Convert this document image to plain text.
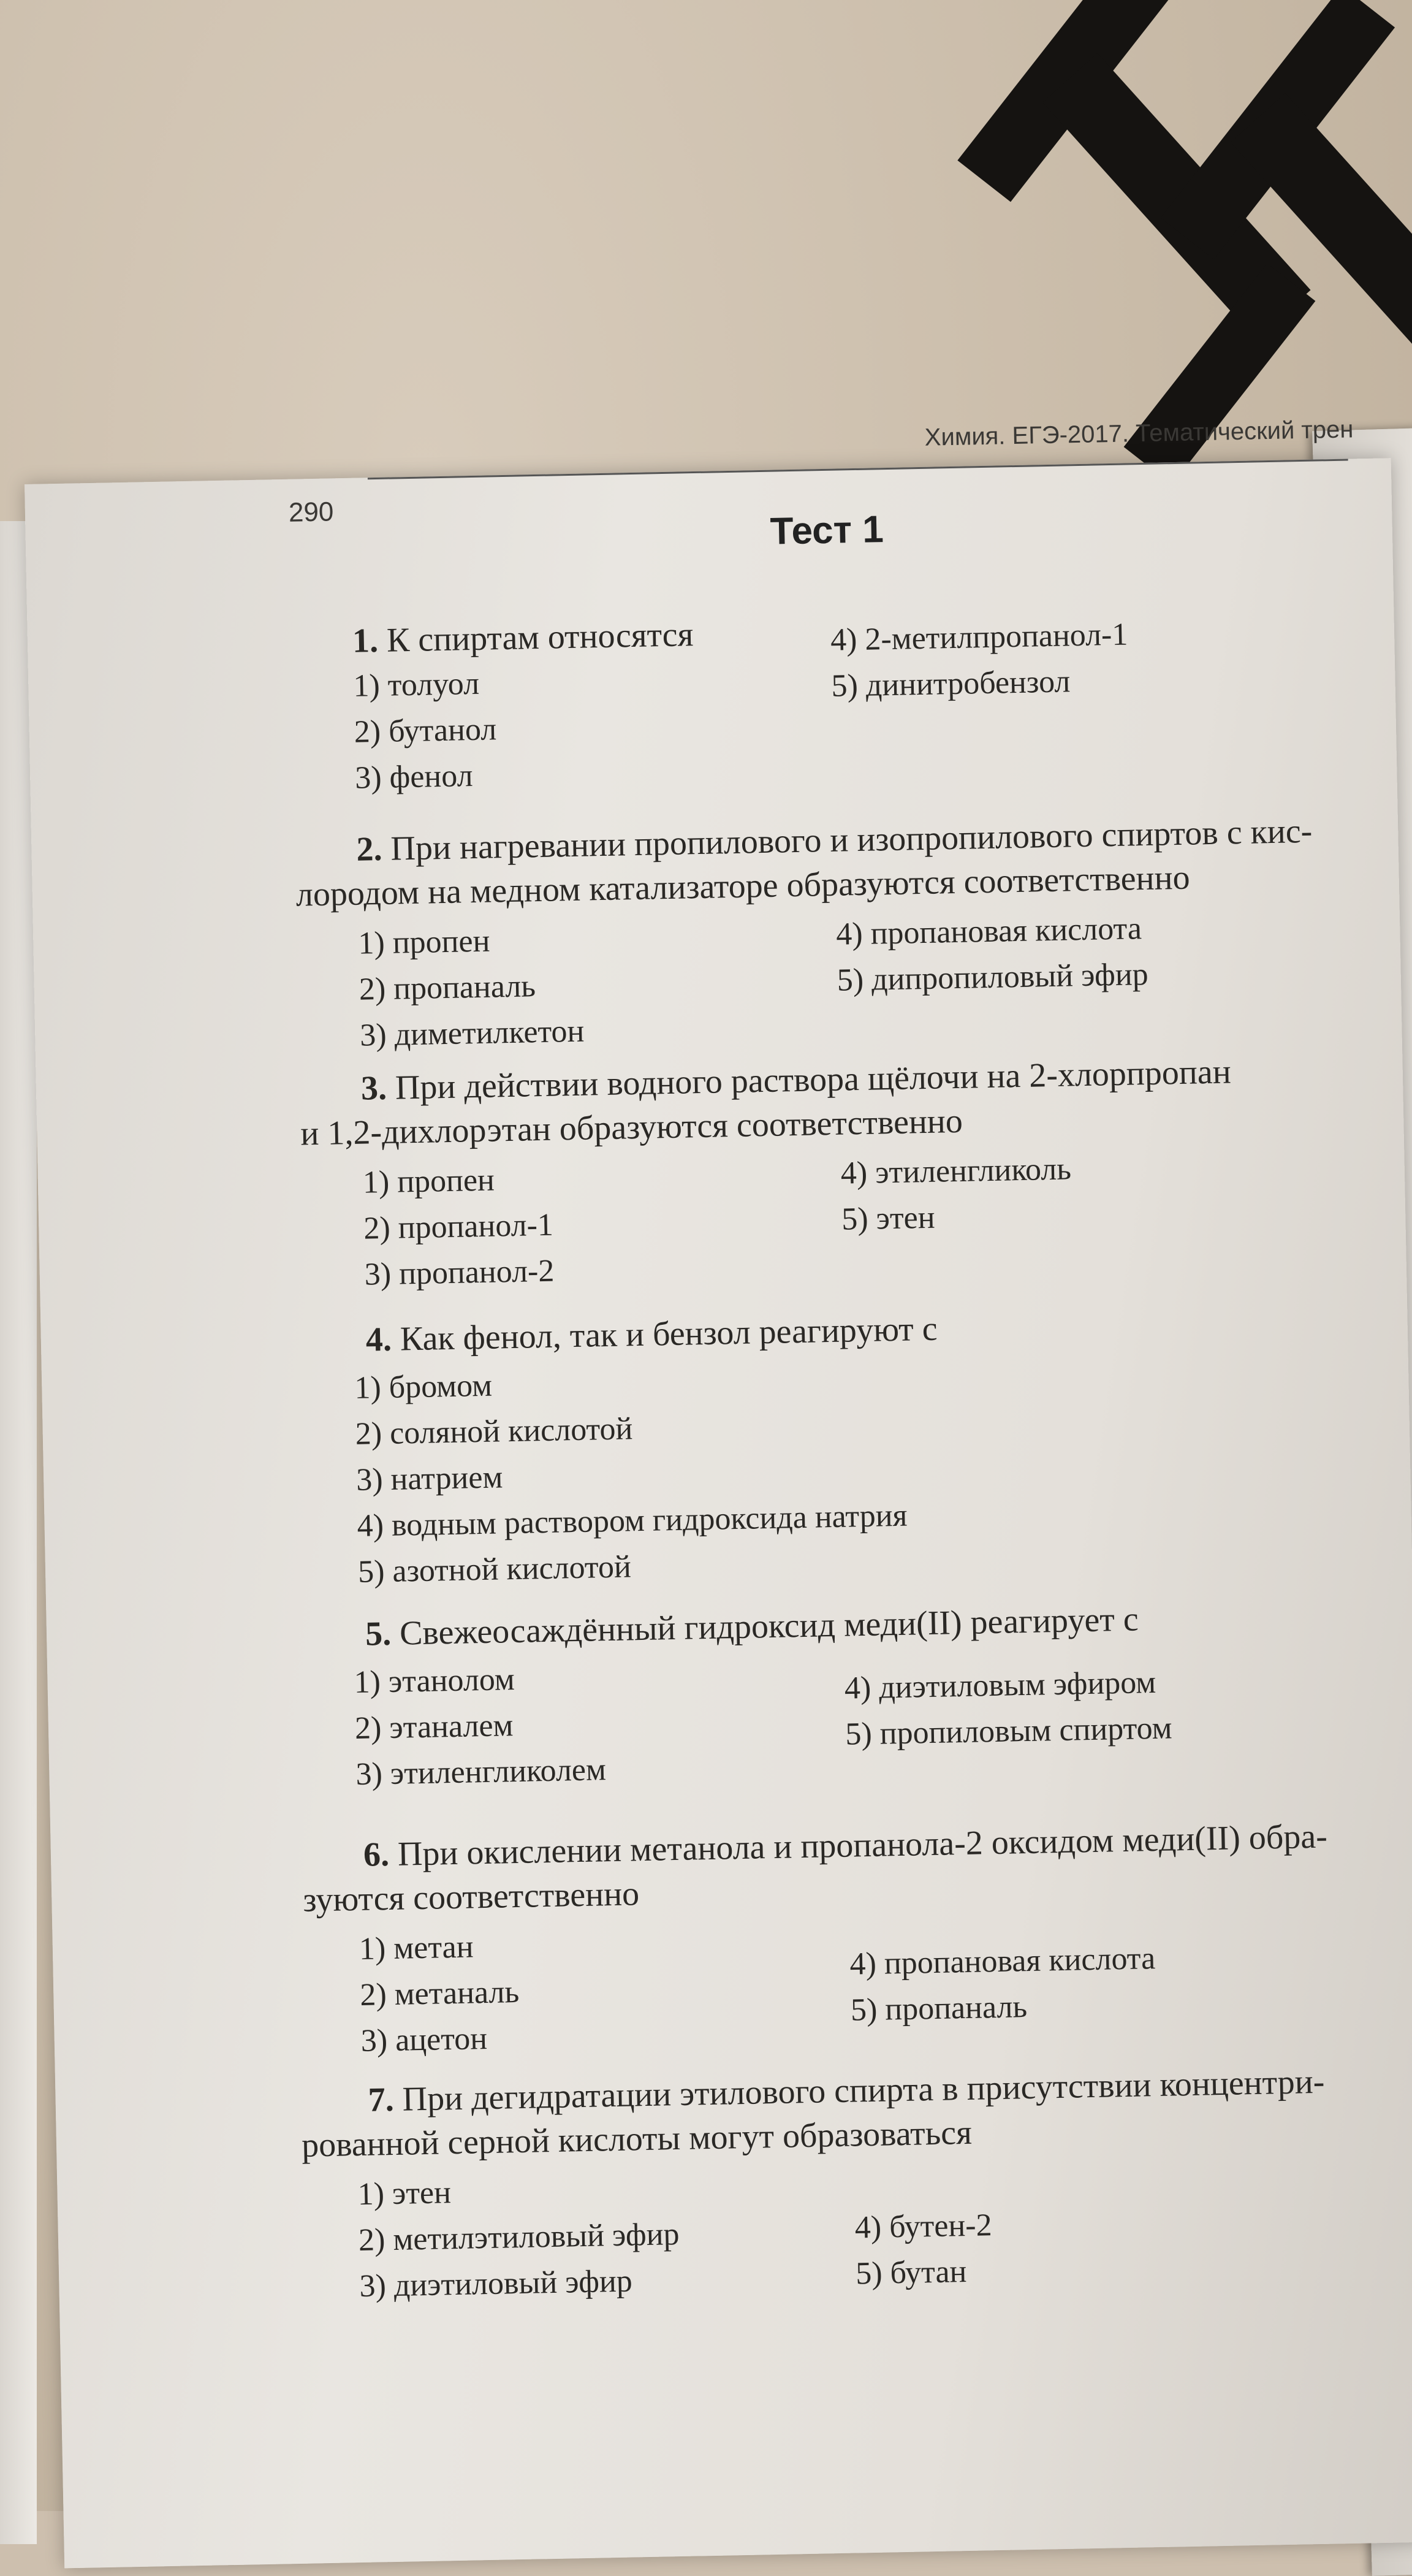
Химия. ЕГЭ-2017. Тематический трен
290	Тест 1
1. К спиртам относятся
1) толуол
2) бутанол
3) фенол
4) 2-метилпропанол-1
5) динитробензол
2. При нагревании пропилового и изопропилового спиртов с кис-
лородом на медном катализаторе образуются соответственно
1) пропен
2) пропаналь
3) диметилкетон
4) пропановая кислота
5) дипропиловый эфир
3. При действии водного раствора щёлочи на 2-хлорпропан
и 1,2-дихлорэтан образуются соответственно
1) пропен
2) пропанол-1
3) пропанол-2
4) этиленгликоль
5) этен
4. Как фенол, так и бензол реагируют с
1) бромом
2) соляной кислотой
3) натрием
4) водным раствором гидроксида натрия
5) азотной кислотой
5. Свежеосаждённый гидроксид меди(II) реагирует с
1) этанолом
2) этаналем
3) этиленгликолем
4) диэтиловым эфиром
5) пропиловым спиртом
6. При окислении метанола и пропанола-2 оксидом меди(II) обра-
зуются соответственно
1) метан
2) метаналь
3) ацетон
4) пропановая кислота
5) пропаналь
7. При дегидратации этилового спирта в присутствии концентри-
рованной серной кислоты могут образоваться
1) этен
2) метилэтиловый эфир
3) диэтиловый эфир
4) бутен-2
5) бутан
